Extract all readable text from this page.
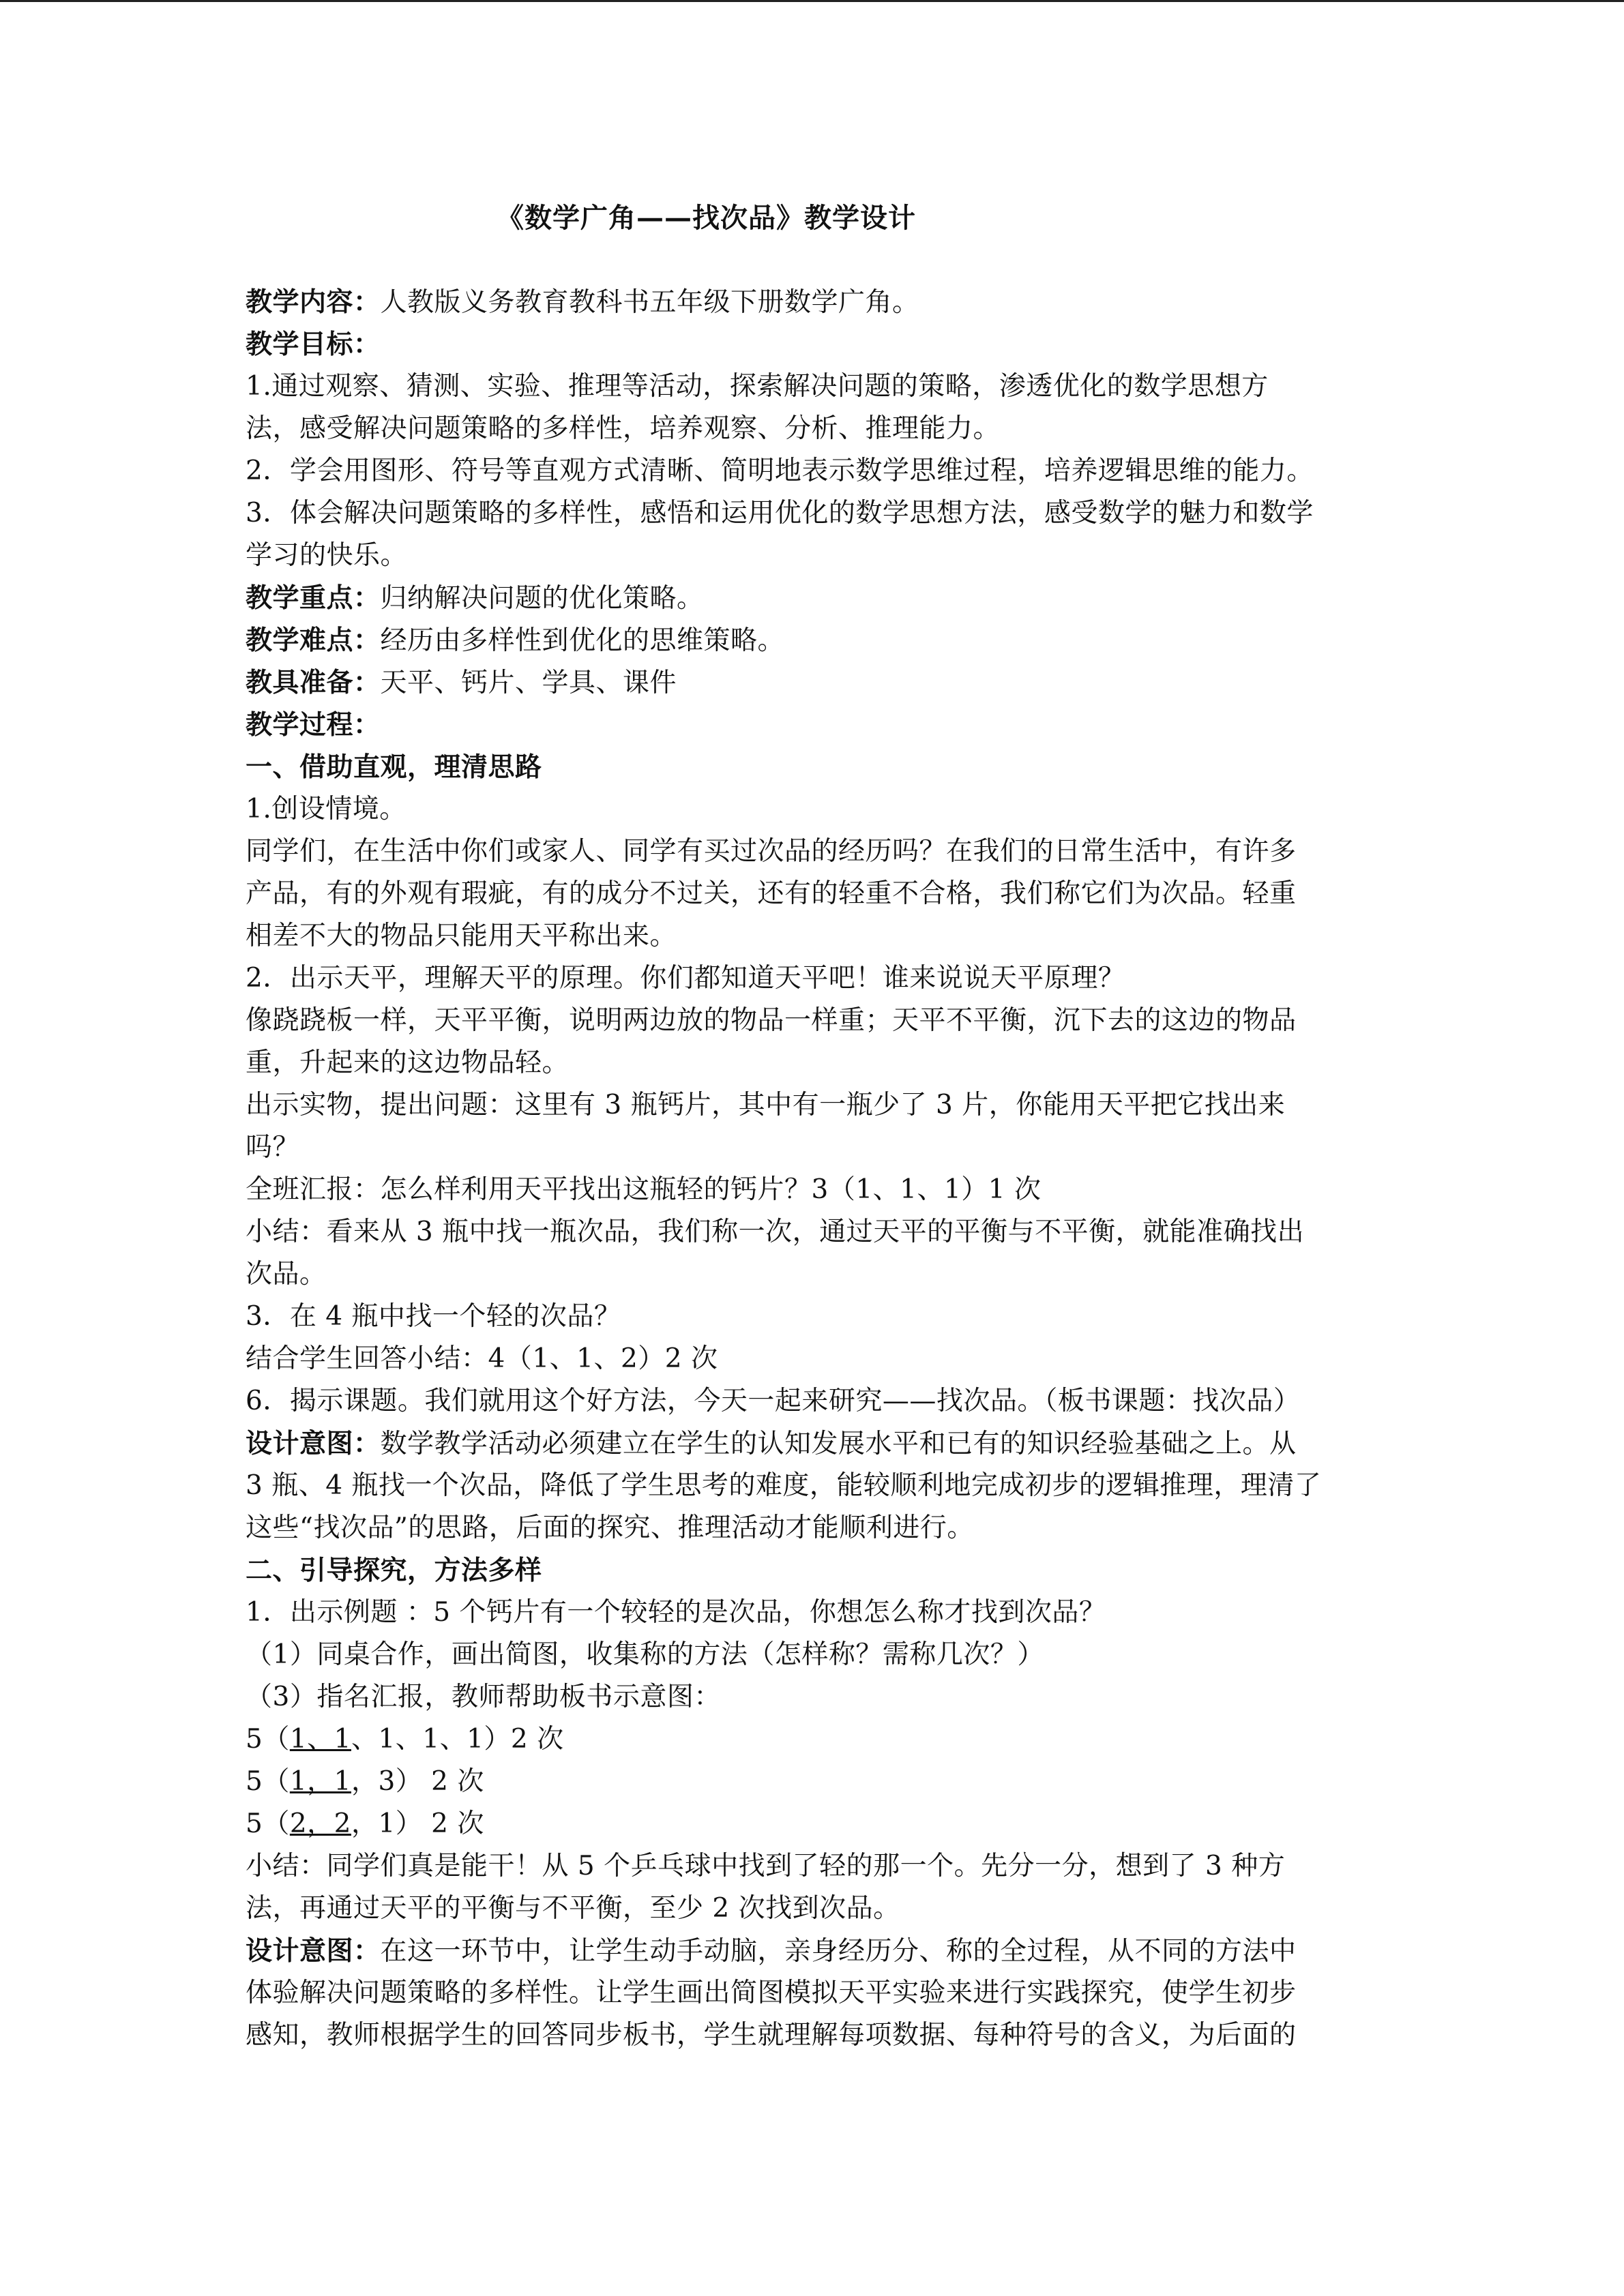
《数学广角——找次品》教学设计
教学内容：人教版义务教育教科书五年级下册数学广角。
教学目标：
1.通过观察、猜测、实验、推理等活动，探索解决问题的策略，渗透优化的数学思想方
法，感受解决问题策略的多样性，培养观察、分析、推理能力。
2．学会用图形、符号等直观方式清晰、简明地表示数学思维过程，培养逻辑思维的能力。
3．体会解决问题策略的多样性，感悟和运用优化的数学思想方法，感受数学的魅力和数学
学习的快乐。
教学重点：归纳解决问题的优化策略。
教学难点：经历由多样性到优化的思维策略。
教具准备：天平、钙片、学具、课件
教学过程：
一、借助直观，理清思路
1.创设情境。
同学们，在生活中你们或家人、同学有买过次品的经历吗？在我们的日常生活中，有许多
产品，有的外观有瑕疵，有的成分不过关，还有的轻重不合格，我们称它们为次品。轻重
相差不大的物品只能用天平称出来。
2．出示天平，理解天平的原理。你们都知道天平吧！谁来说说天平原理？
像跷跷板一样，天平平衡，说明两边放的物品一样重；天平不平衡，沉下去的这边的物品
重，升起来的这边物品轻。
出示实物，提出问题：这里有 3 瓶钙片，其中有一瓶少了 3 片，你能用天平把它找出来
吗？
全班汇报：怎么样利用天平找出这瓶轻的钙片？3（1、1、1）1 次
小结：看来从 3 瓶中找一瓶次品，我们称一次，通过天平的平衡与不平衡，就能准确找出
次品。
3．在 4 瓶中找一个轻的次品？
结合学生回答小结：4（1、1、2）2 次
6．揭示课题。我们就用这个好方法，今天一起来研究——找次品。（板书课题：找次品）
设计意图：数学教学活动必须建立在学生的认知发展水平和已有的知识经验基础之上。从
3 瓶、4 瓶找一个次品，降低了学生思考的难度，能较顺利地完成初步的逻辑推理，理清了
这些“找次品”的思路，后面的探究、推理活动才能顺利进行。
二、引导探究，方法多样
1．出示例题 ：5 个钙片有一个较轻的是次品，你想怎么称才找到次品？
（1）同桌合作，画出简图，收集称的方法（怎样称？需称几次？）
（3）指名汇报，教师帮助板书示意图：
5（1、1、1、1、1）2 次
5（1，1，3） 2 次
5（2，2，1） 2 次
小结：同学们真是能干！从 5 个乒乓球中找到了轻的那一个。先分一分，想到了 3 种方
法，再通过天平的平衡与不平衡，至少 2 次找到次品。
设计意图：在这一环节中，让学生动手动脑，亲身经历分、称的全过程，从不同的方法中
体验解决问题策略的多样性。让学生画出简图模拟天平实验来进行实践探究，使学生初步
感知，教师根据学生的回答同步板书，学生就理解每项数据、每种符号的含义，为后面的
